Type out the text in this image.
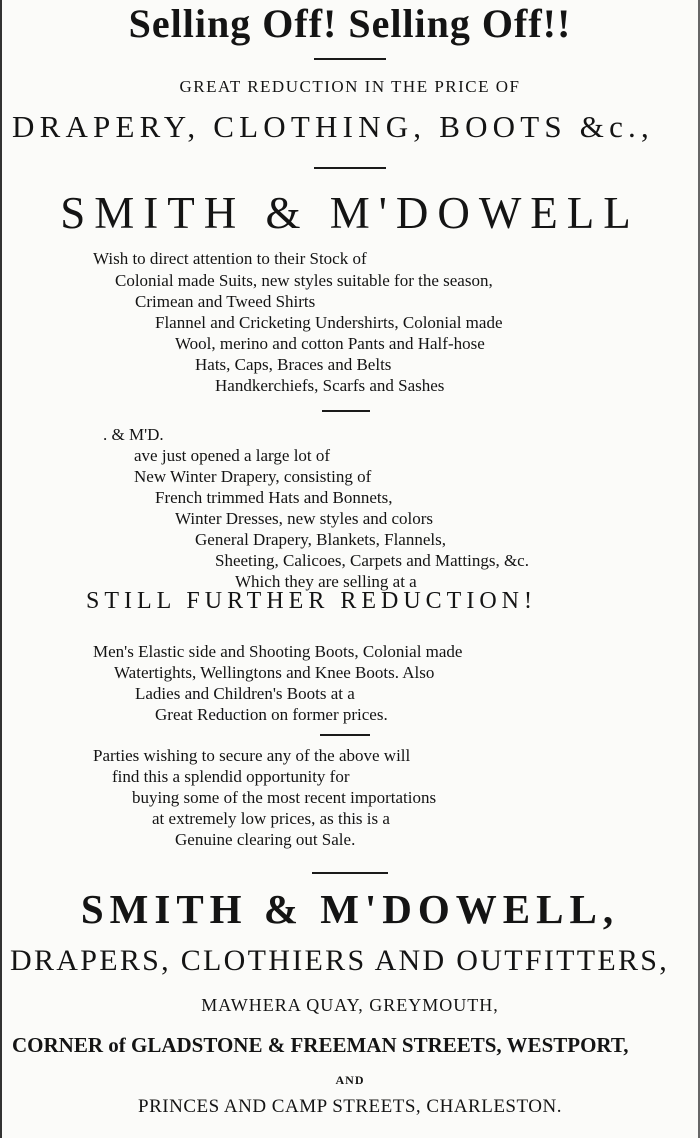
Selling Off! Selling Off!!
GREAT REDUCTION IN THE PRICE OF
DRAPERY, CLOTHING, BOOTS &c.,
SMITH & M'DOWELL
Wish to direct attention to their Stock of
Colonial made Suits, new styles suitable for the season,
Crimean and Tweed Shirts
Flannel and Cricketing Undershirts, Colonial made
Wool, merino and cotton Pants and Half-hose
Hats, Caps, Braces and Belts
Handkerchiefs, Scarfs and Sashes
. & M'D.
ave just opened a large lot of
New Winter Drapery, consisting of
French trimmed Hats and Bonnets,
Winter Dresses, new styles and colors
General Drapery, Blankets, Flannels,
Sheeting, Calicoes, Carpets and Mattings, &c.
Which they are selling at a
STILL FURTHER REDUCTION!
Men's Elastic side and Shooting Boots, Colonial made
Watertights, Wellingtons and Knee Boots. Also
Ladies and Children's Boots at a
Great Reduction on former prices.
Parties wishing to secure any of the above will
find this a splendid opportunity for
buying some of the most recent importations
at extremely low prices, as this is a
Genuine clearing out Sale.
SMITH & M'DOWELL,
DRAPERS, CLOTHIERS AND OUTFITTERS,
MAWHERA QUAY, GREYMOUTH,
CORNER of GLADSTONE & FREEMAN STREETS, WESTPORT,
AND
PRINCES AND CAMP STREETS, CHARLESTON.
